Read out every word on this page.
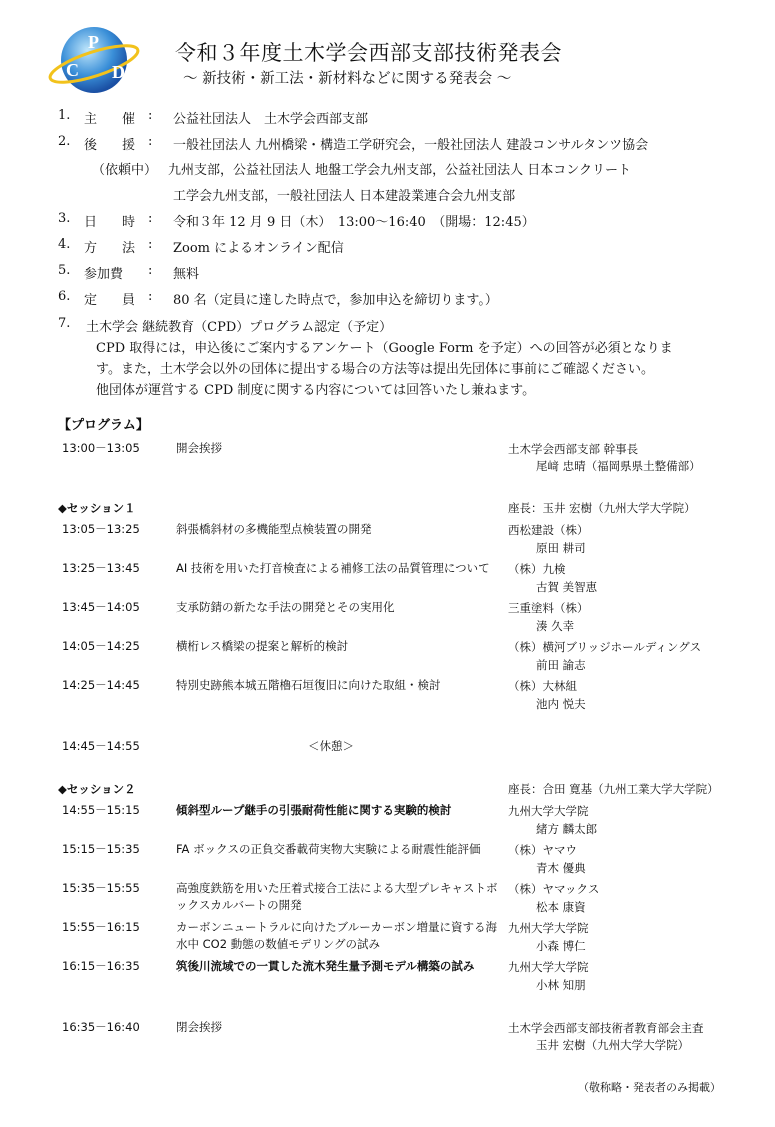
P
C D
令和３年度土木学会西部支部技術発表会
～ 新技術・新工法・新材料などに関する発表会 ～
1. 主　催 : 公益社団法人　土木学会西部支部
2. 後　援 : 一般社団法人 九州橋梁・構造工学研究会，一般社団法人 建設コンサルタンツ協会
（依頼中） 九州支部，公益社団法人 地盤工学会九州支部，公益社団法人 日本コンクリート
工学会九州支部，一般社団法人 日本建設業連合会九州支部
3. 日　時 : 令和３年 12 月 9 日（木）　13:00～16:40　（開場：12:45）
4. 方　法 : Zoom によるオンライン配信
5. 参加費 : 無料
6. 定　員 : 80 名（定員に達した時点で，参加申込を締切ります。）
7. 土木学会 継続教育（CPD）プログラム認定（予定）
CPD 取得には，申込後にご案内するアンケート（Google Form を予定）への回答が必須となりま
す。また，土木学会以外の団体に提出する場合の方法等は提出先団体に事前にご確認ください。
他団体が運営する CPD 制度に関する内容については回答いたし兼ねます。
【プログラム】
13:00－13:05	開会挨拶	土木学会西部支部 幹事長
尾﨑 忠晴（福岡県県土整備部）
◆セッション１	座長：玉井 宏樹（九州大学大学院）
13:05－13:25	斜張橋斜材の多機能型点検装置の開発	西松建設（株）
原田 耕司
13:25－13:45	AI 技術を用いた打音検査による補修工法の品質管理について	（株）九検
古賀 美智恵
13:45－14:05	支承防錆の新たな手法の開発とその実用化	三重塗料（株）
湊 久幸
14:05－14:25	横桁レス橋梁の提案と解析的検討	（株）横河ブリッジホールディングス
前田 諭志
14:25－14:45	特別史跡熊本城五階櫓石垣復旧に向けた取組・検討	（株）大林組
池内 悦夫
14:45－14:55	＜休憩＞
◆セッション２	座長：合田 寛基（九州工業大学大学院）
14:55－15:15	傾斜型ループ継手の引張耐荷性能に関する実験的検討	九州大学大学院
緒方 麟太郎
15:15－15:35	FA ボックスの正負交番載荷実物大実験による耐震性能評価	（株）ヤマウ
青木 優典
15:35－15:55	高強度鉄筋を用いた圧着式接合工法による大型プレキャストボックスカルバートの開発
（株）ヤマックス
松本 康資
15:55－16:15	カーボンニュートラルに向けたブルーカーボン増量に資する海水中 CO2 動態の数値モデリングの試み
九州大学大学院
小森 博仁
16:15－16:35	筑後川流域での一貫した流木発生量予測モデル構築の試み	九州大学大学院
小林 知朋
16:35－16:40	閉会挨拶	土木学会西部支部技術者教育部会主査
玉井 宏樹（九州大学大学院）
（敬称略・発表者のみ掲載）
